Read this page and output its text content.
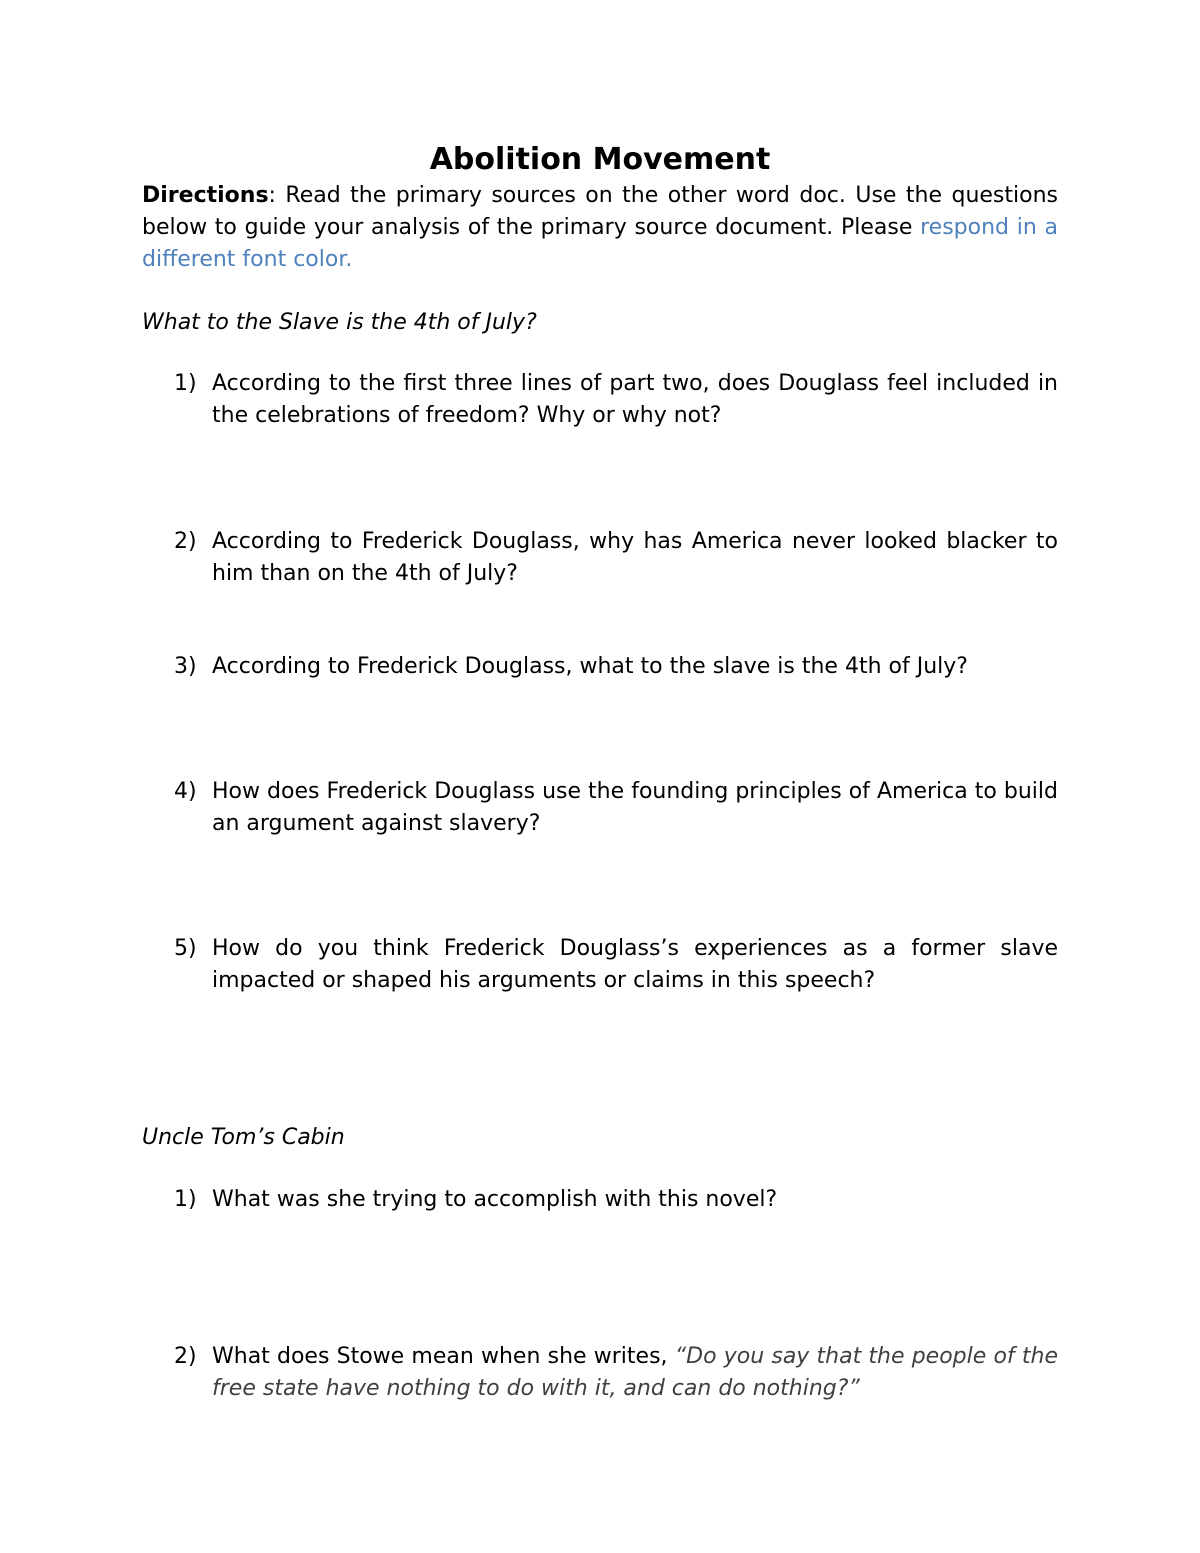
Abolition Movement

Directions: Read the primary sources on the other word doc. Use the questions below to guide your analysis of the primary source document. Please respond in a different font color.

What to the Slave is the 4th of July?

1) According to the first three lines of part two, does Douglass feel included in the celebrations of freedom? Why or why not?
2) According to Frederick Douglass, why has America never looked blacker to him than on the 4th of July?
3) According to Frederick Douglass, what to the slave is the 4th of July?
4) How does Frederick Douglass use the founding principles of America to build an argument against slavery?
5) How do you think Frederick Douglass’s experiences as a former slave impacted or shaped his arguments or claims in this speech?

Uncle Tom’s Cabin

1) What was she trying to accomplish with this novel?
2) What does Stowe mean when she writes, “Do you say that the people of the free state have nothing to do with it, and can do nothing?”
